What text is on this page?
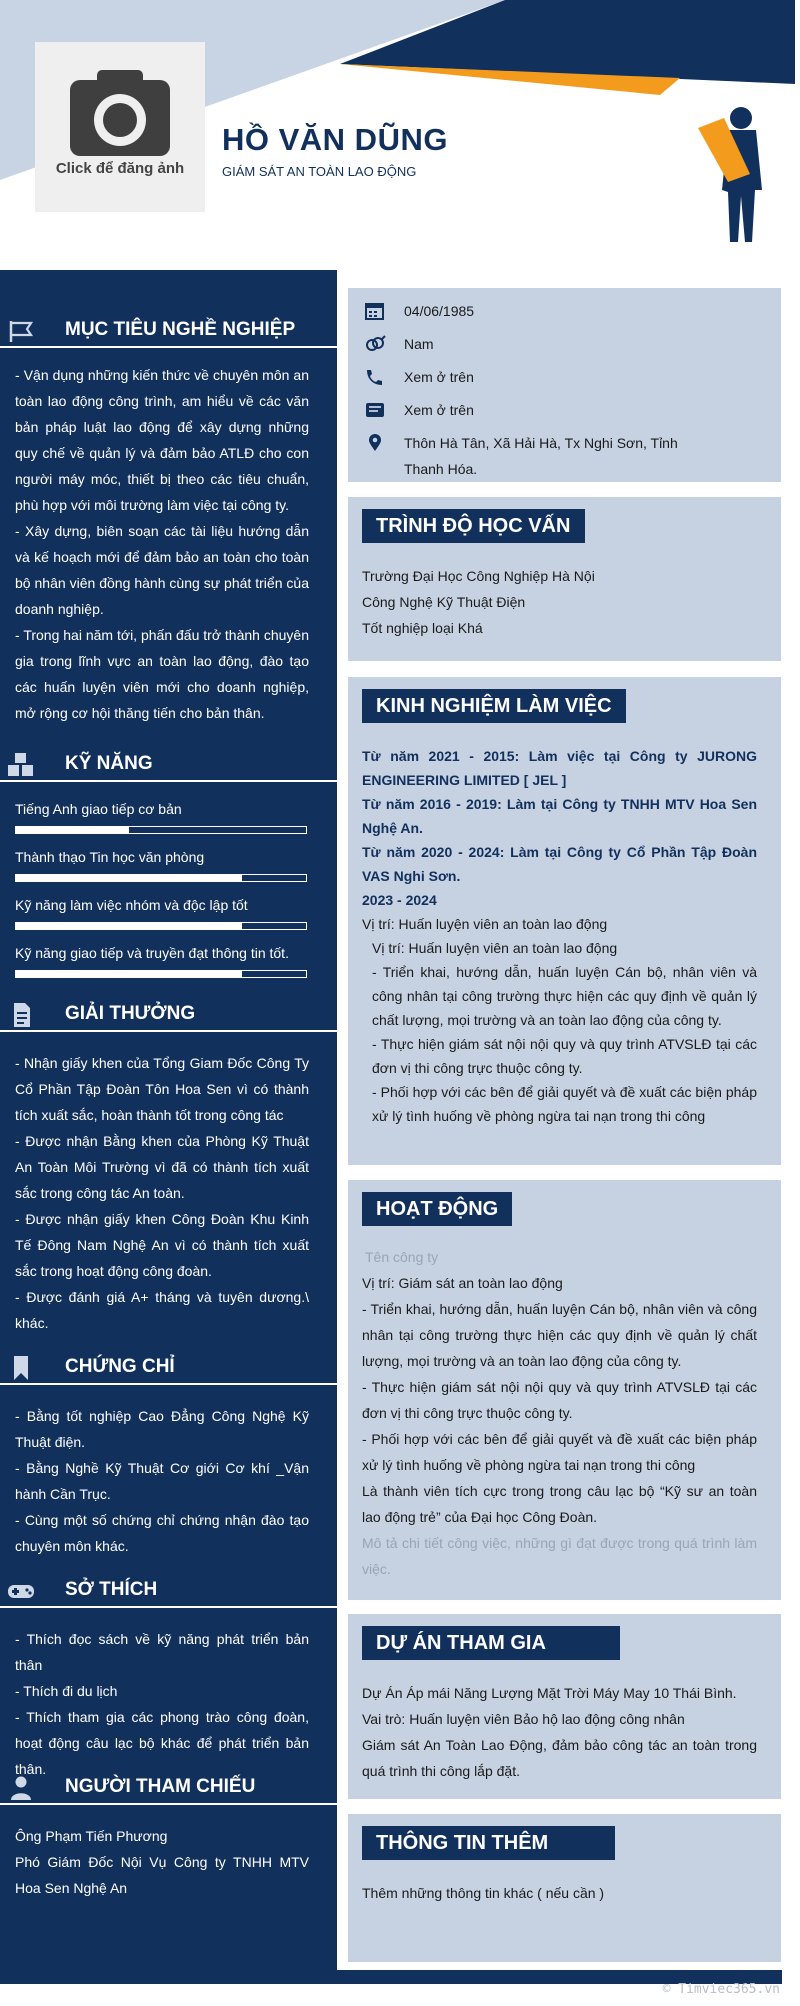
Click để đăng ảnh
HỒ VĂN DŨNG
GIÁM SÁT AN TOÀN LAO ĐỘNG
MỤC TIÊU NGHỀ NGHIỆP

- Vận dụng những kiến thức về chuyên môn an toàn lao động công trình, am hiểu về các văn bản pháp luật lao động để xây dựng những quy chế về quản lý và đảm bảo ATLĐ cho con người máy móc, thiết bị theo các tiêu chuẩn, phù hợp với môi trường làm việc tại công ty.

- Xây dựng, biên soạn các tài liệu hướng dẫn và kế hoạch mới để đảm bảo an toàn cho toàn bộ nhân viên đồng hành cùng sự phát triển của doanh nghiệp.

- Trong hai năm tới, phấn đấu trở thành chuyên gia trong lĩnh vực an toàn lao động, đào tạo các huấn luyện viên mới cho doanh nghiệp, mở rộng cơ hội thăng tiến cho bản thân.

KỸ NĂNG
Tiếng Anh giao tiếp cơ bản
Thành thạo Tin học văn phòng
Kỹ năng làm việc nhóm và độc lập tốt
Kỹ năng giao tiếp và truyền đạt thông tin tốt.
GIẢI THƯỞNG

- Nhận giấy khen của Tổng Giam Đốc Công Ty Cổ Phần Tập Đoàn Tôn Hoa Sen vì có thành tích xuất sắc, hoàn thành tốt trong công tác

- Được nhận Bằng khen của Phòng Kỹ Thuật An Toàn Môi Trường vì đã có thành tích xuất sắc trong công tác An toàn.

- Được nhận giấy khen Công Đoàn Khu Kinh Tế Đông Nam Nghệ An vì có thành tích xuất sắc trong hoạt động công đoàn.

- Được đánh giá A+ tháng và tuyên dương.\ khác.

CHỨNG CHỈ

- Bằng tốt nghiệp Cao Đẳng Công Nghệ Kỹ Thuật điện.

- Bằng Nghề Kỹ Thuật Cơ giới Cơ khí _Vận hành Cần Trục.

- Cùng một số chứng chỉ chứng nhận đào tạo chuyên môn khác.

SỞ THÍCH

- Thích đọc sách về kỹ năng phát triển bản thân

- Thích đi du lịch

- Thích tham gia các phong trào công đoàn, hoạt động câu lạc bộ khác để phát triển bản thân.

NGƯỜI THAM CHIẾU

Ông Phạm Tiến Phương

Phó Giám Đốc Nội Vụ Công ty TNHH MTV Hoa Sen Nghệ An

04/06/1985
Nam
Xem ở trên
Xem ở trên
Thôn Hà Tân, Xã Hải Hà, Tx Nghi Sơn, Tỉnh
Thanh Hóa.
TRÌNH ĐỘ HỌC VẤN

Trường Đại Học Công Nghiệp Hà Nội

Công Nghệ Kỹ Thuật Điện

Tốt nghiệp loại Khá

KINH NGHIỆM LÀM VIỆC

Từ năm 2021 - 2015: Làm việc tại Công ty JURONG ENGINEERING LIMITED [ JEL ]

Từ năm 2016 - 2019: Làm tại Công ty TNHH MTV Hoa Sen Nghệ An.

Từ năm 2020 - 2024: Làm tại Công ty Cổ Phần Tập Đoàn VAS Nghi Sơn.

2023 - 2024

Vị trí: Huấn luyện viên an toàn lao động

Vị trí: Huấn luyện viên an toàn lao động

- Triển khai, hướng dẫn, huấn luyện Cán bộ, nhân viên và công nhân tại công trường thực hiện các quy định về quản lý chất lượng, mọi trường và an toàn lao động của công ty.

- Thực hiện giám sát nội nội quy và quy trình ATVSLĐ tại các đơn vị thi công trực thuộc công ty.

- Phối hợp với các bên để giải quyết và đề xuất các biện pháp xử lý tình huống về phòng ngừa tai nạn trong thi công

HOẠT ĐỘNG

Tên công ty

Vị trí: Giám sát an toàn lao động

- Triển khai, hướng dẫn, huấn luyện Cán bộ, nhân viên và công nhân tại công trường thực hiện các quy định về quản lý chất lượng, mọi trường và an toàn lao động của công ty.

- Thực hiện giám sát nội nội quy và quy trình ATVSLĐ tại các đơn vị thi công trực thuộc công ty.

- Phối hợp với các bên để giải quyết và đề xuất các biện pháp xử lý tình huống về phòng ngừa tai nạn trong thi công

Là thành viên tích cực trong trong câu lạc bộ “Kỹ sư an toàn lao động trẻ” của Đại học Công Đoàn.

Mô tả chi tiết công việc, những gì đạt được trong quá trình làm việc.

DỰ ÁN THAM GIA

Dự Án Áp mái Năng Lượng Mặt Trời Máy May 10 Thái Bình.

Vai trò: Huấn luyện viên Bảo hộ lao động công nhân

Giám sát An Toàn Lao Động, đảm bảo công tác an toàn trong quá trình thi công lắp đặt.

THÔNG TIN THÊM

Thêm những thông tin khác ( nếu cần )

© Timviec365.vn
